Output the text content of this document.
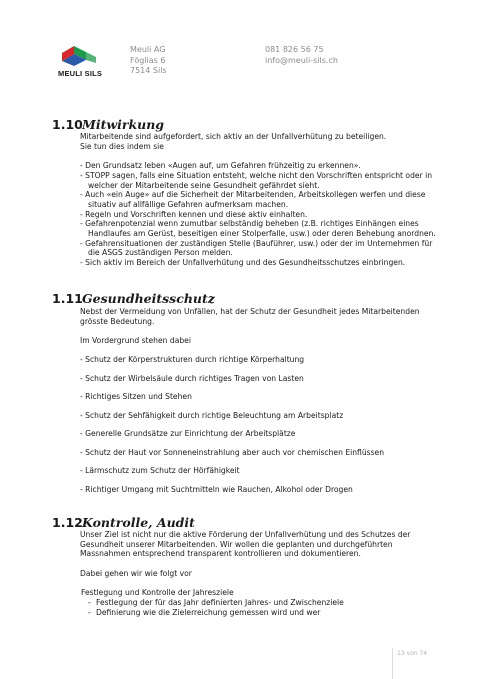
MEULI SILS
Meuli AG
Föglias 6
7514 Sils
081 826 56 75
info@meuli-sils.ch
1.10Mitwirkung

Mitarbeitende sind aufgefordert, sich aktiv an der Unfallverhütung zu beteiligen. Sie tun dies indem sie

- Den Grundsatz leben «Augen auf, um Gefahren frühzeitig zu erkennen».
- STOPP sagen, falls eine Situation entsteht, welche nicht den Vorschriften entspricht oder in welcher der Mitarbeitende seine Gesundheit gefährdet sieht.
- Auch «ein Auge» auf die Sicherheit der Mitarbeitenden, Arbeitskollegen werfen und diese situativ auf allfällige Gefahren aufmerksam machen.
- Regeln und Vorschriften kennen und diese aktiv einhalten.
- Gefahrenpotenzial wenn zumutbar selbständig beheben (z.B. richtiges Einhängen eines Handlaufes am Gerüst, beseitigen einer Stolperfalle, usw.) oder deren Behebung anordnen.
- Gefahrensituationen der zuständigen Stelle (Bauführer, usw.) oder der im Unternehmen für die ASGS zuständigen Person melden.
- Sich aktiv im Bereich der Unfallverhütung und des Gesundheitsschutzes einbringen.
1.11Gesundheitsschutz

Nebst der Vermeidung von Unfällen, hat der Schutz der Gesundheit jedes Mitarbeitenden grösste Bedeutung.

Im Vordergrund stehen dabei

- Schutz der Körperstrukturen durch richtige Körperhaltung
- Schutz der Wirbelsäule durch richtiges Tragen von Lasten
- Richtiges Sitzen und Stehen
- Schutz der Sehfähigkeit durch richtige Beleuchtung am Arbeitsplatz
- Generelle Grundsätze zur Einrichtung der Arbeitsplätze
- Schutz der Haut vor Sonneneinstrahlung aber auch vor chemischen Einflüssen
- Lärmschutz zum Schutz der Hörfähigkeit
- Richtiger Umgang mit Suchtmitteln wie Rauchen, Alkohol oder Drogen
1.12Kontrolle, Audit

Unser Ziel ist nicht nur die aktive Förderung der Unfallverhütung und des Schutzes der Gesundheit unserer Mitarbeitenden. Wir wollen die geplanten und durchgeführten Massnahmen entsprechend transparent kontrollieren und dokumentieren.

Dabei gehen wir wie folgt vor

Festlegung und Kontrolle der Jahresziele
- Festlegung der für das Jahr definierten Jahres- und Zwischenziele
- Definierung wie die Zielerreichung gemessen wird und wer
13 von 74
